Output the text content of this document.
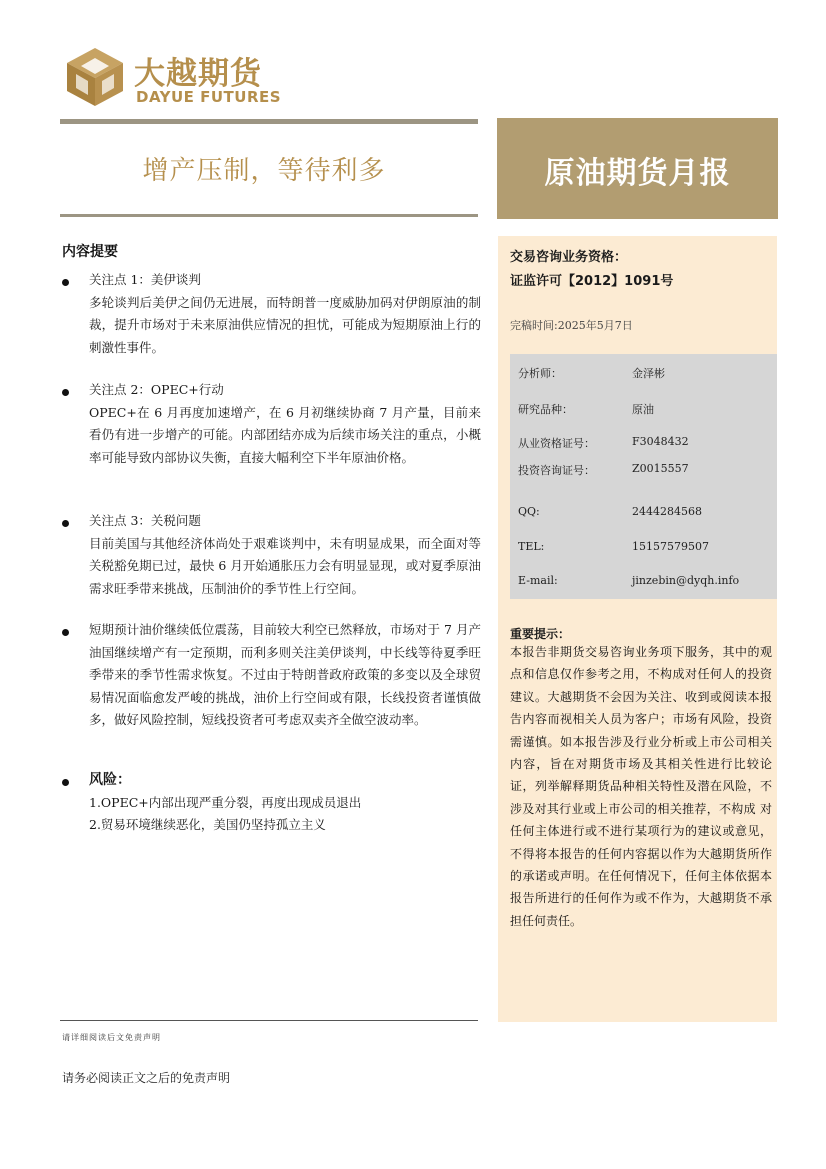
大越期货
DAYUE FUTURES
增产压制，等待利多	原油期货月报
内容提要

关注点 1：美伊谈判

多轮谈判后美伊之间仍无进展，而特朗普一度威胁加码对伊朗原油的制裁，提升市场对于未来原油供应情况的担忧，可能成为短期原油上行的刺激性事件。

关注点 2：OPEC+行动

OPEC+在 6 月再度加速增产，在 6 月初继续协商 7 月产量，目前来看仍有进一步增产的可能。内部团结亦成为后续市场关注的重点，小概率可能导致内部协议失衡，直接大幅利空下半年原油价格。

关注点 3：关税问题

目前美国与其他经济体尚处于艰难谈判中，未有明显成果，而全面对等关税豁免期已过，最快 6 月开始通胀压力会有明显显现，或对夏季原油需求旺季带来挑战，压制油价的季节性上行空间。

短期预计油价继续低位震荡，目前较大利空已然释放，市场对于 7 月产油国继续增产有一定预期，而利多则关注美伊谈判，中长线等待夏季旺季带来的季节性需求恢复。不过由于特朗普政府政策的多变以及全球贸易情况面临愈发严峻的挑战，油价上行空间或有限，长线投资者谨慎做多，做好风险控制，短线投资者可考虑双卖齐全做空波动率。

风险：

1.OPEC+内部出现严重分裂，再度出现成员退出

2.贸易环境继续恶化，美国仍坚持孤立主义

交易咨询业务资格：
证监许可【2012】1091号
完稿时间:2025年5月7日
分析师：	金泽彬
研究品种：	原油
从业资格证号：	F3048432
投资咨询证号：	Z0015557
QQ:	2444284568
TEL:	15157579507
E-mail:	jinzebin@dyqh.info
重要提示：
本报告非期货交易咨询业务项下服务，其中的观点和信息仅作参考之用，不构成对任何人的投资建议。大越期货不会因为关注、收到或阅读本报告内容而视相关人员为客户；市场有风险，投资需谨慎。如本报告涉及行业分析或上市公司相关内容，旨在对期货市场及其相关性进行比较论证，列举解释期货品种相关特性及潜在风险，不涉及对其行业或上市公司的相关推荐，不构成 对任何主体进行或不进行某项行为的建议或意见，不得将本报告的任何内容据以作为大越期货所作的承诺或声明。在任何情况下，任何主体依据本报告所进行的任何作为或不作为，大越期货不承担任何责任。
请详细阅读后文免责声明
请务必阅读正文之后的免责声明
